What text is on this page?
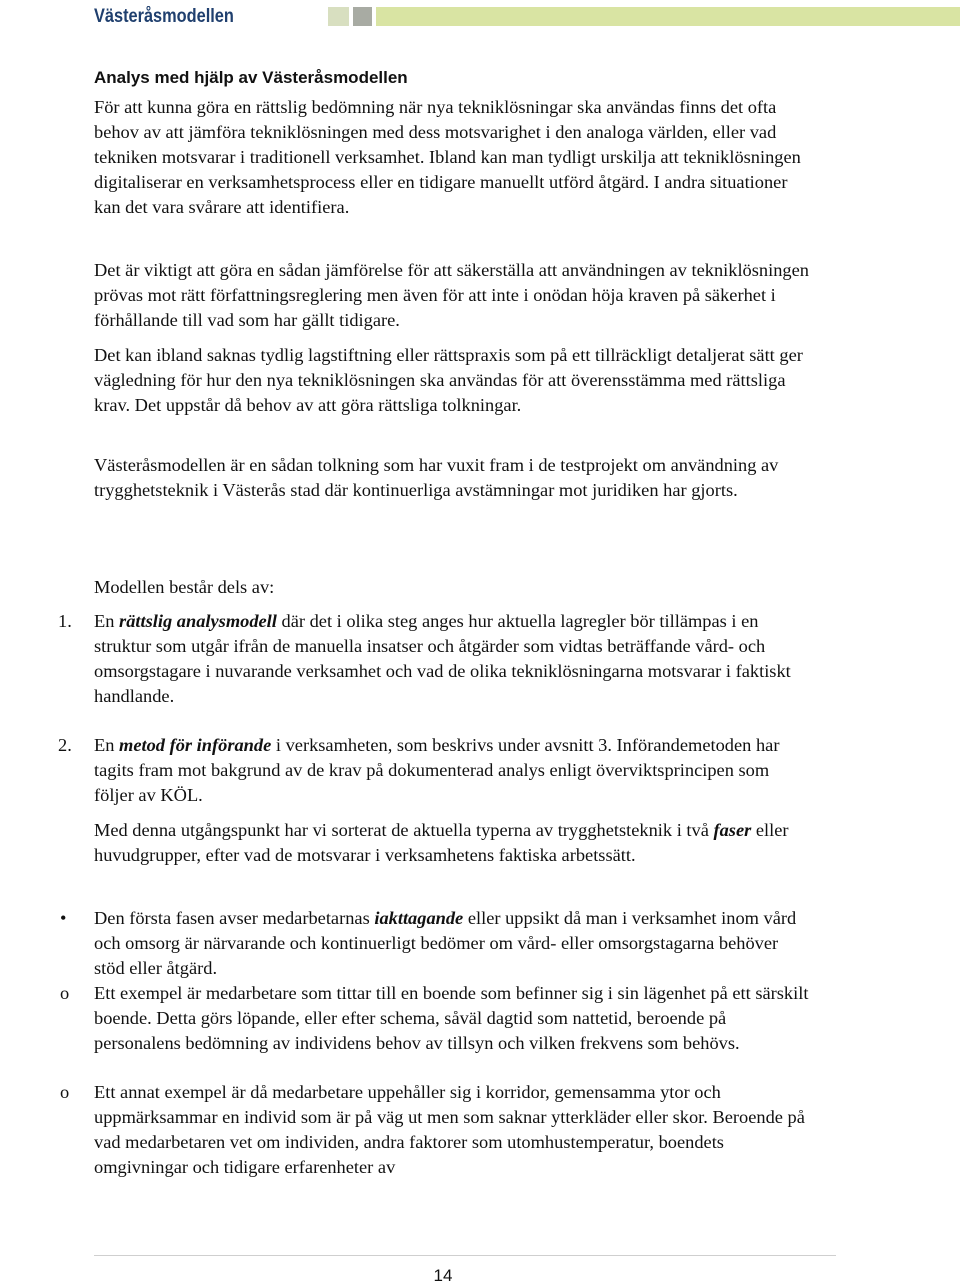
Västeråsmodellen
Analys med hjälp av Västeråsmodellen

För att kunna göra en rättslig bedömning när nya tekniklösningar ska användas finns det ofta behov av att jämföra tekniklösningen med dess motsvarighet i den analoga världen, eller vad tekniken motsvarar i traditionell verksamhet. Ibland kan man tydligt urskilja att tekniklösningen digitaliserar en verksamhetsprocess eller en tidigare manuellt utförd åtgärd. I andra situationer kan det vara svårare att identifiera.

Det är viktigt att göra en sådan jämförelse för att säkerställa att användningen av tekniklösningen prövas mot rätt författningsreglering men även för att inte i onödan höja kraven på säkerhet i förhållande till vad som har gällt tidigare.

Det kan ibland saknas tydlig lagstiftning eller rättspraxis som på ett tillräckligt detaljerat sätt ger vägledning för hur den nya tekniklösningen ska användas för att överensstämma med rättsliga krav. Det uppstår då behov av att göra rättsliga tolkningar.

Västeråsmodellen är en sådan tolkning som har vuxit fram i de testprojekt om användning av trygghetsteknik i Västerås stad där kontinuerliga avstämningar mot juridiken har gjorts.

Modellen består dels av:

1. En rättslig analysmodell där det i olika steg anges hur aktuella lagregler bör tillämpas i en struktur som utgår ifrån de manuella insatser och åtgärder som vidtas beträffande vård- och omsorgstagare i nuvarande verksamhet och vad de olika tekniklösningarna motsvarar i faktiskt handlande.

2. En metod för införande i verksamheten, som beskrivs under avsnitt 3. Införandemetoden har tagits fram mot bakgrund av de krav på dokumenterad analys enligt överviktsprincipen som följer av KÖL.

Med denna utgångspunkt har vi sorterat de aktuella typerna av trygghetsteknik i två faser eller huvudgrupper, efter vad de motsvarar i verksamhetens faktiska arbetssätt.

• Den första fasen avser medarbetarnas iakttagande eller uppsikt då man i verksamhet inom vård och omsorg är närvarande och kontinuerligt bedömer om vård- eller omsorgstagarna behöver stöd eller åtgärd.

o Ett exempel är medarbetare som tittar till en boende som befinner sig i sin lägenhet på ett särskilt boende. Detta görs löpande, eller efter schema, såväl dagtid som nattetid, beroende på personalens bedömning av individens behov av tillsyn och vilken frekvens som behövs.

o Ett annat exempel är då medarbetare uppehåller sig i korridor, gemensamma ytor och uppmärksammar en individ som är på väg ut men som saknar ytterkläder eller skor. Beroende på vad medarbetaren vet om individen, andra faktorer som utomhustemperatur, boendets omgivningar och tidigare erfarenheter av

14
